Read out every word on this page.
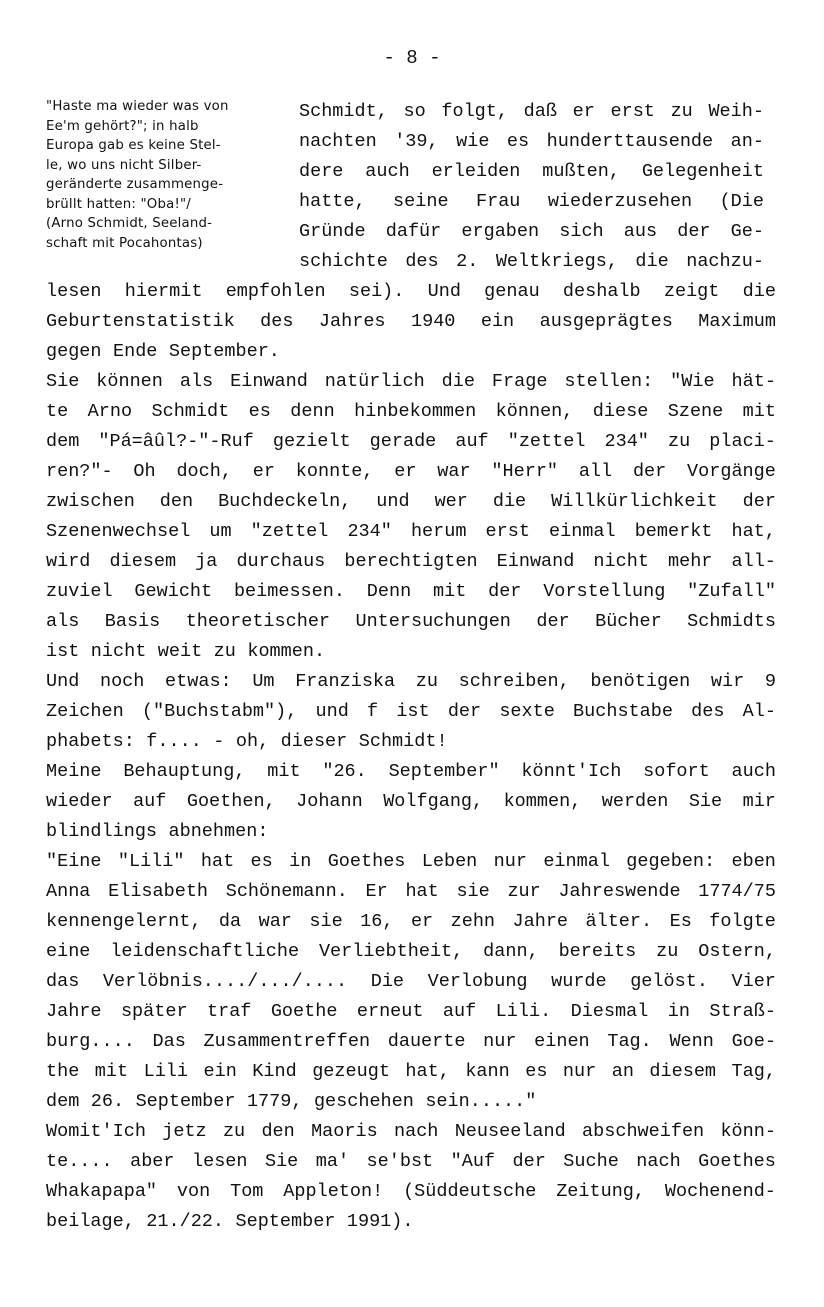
- 8 -
"Haste ma wieder was von
Ee'm gehört?"; in halb
Europa gab es keine Stel-
le, wo uns nicht Silber-
geränderte zusammenge-
brüllt hatten: "Oba!"/
(Arno Schmidt, Seeland-
schaft mit Pocahontas)
Schmidt, so folgt, daß er erst zu Weih-
nachten '39, wie es hunderttausende an-
dere auch erleiden mußten, Gelegenheit
hatte, seine Frau wiederzusehen (Die
Gründe dafür ergaben sich aus der Ge-
schichte des 2. Weltkriegs, die nachzu-
lesen hiermit empfohlen sei). Und genau deshalb zeigt die
Geburtenstatistik des Jahres 1940 ein ausgeprägtes Maximum
gegen Ende September.
Sie können als Einwand natürlich die Frage stellen: "Wie hät-
te Arno Schmidt es denn hinbekommen können, diese Szene mit
dem "Pá=âûl?-"-Ruf gezielt gerade auf "zettel 234" zu placi-
ren?"- Oh doch, er konnte, er war "Herr" all der Vorgänge
zwischen den Buchdeckeln, und wer die Willkürlichkeit der
Szenenwechsel um "zettel 234" herum erst einmal bemerkt hat,
wird diesem ja durchaus berechtigten Einwand nicht mehr all-
zuviel Gewicht beimessen. Denn mit der Vorstellung "Zufall"
als Basis theoretischer Untersuchungen der Bücher Schmidts
ist nicht weit zu kommen.
Und noch etwas: Um Franziska zu schreiben, benötigen wir 9
Zeichen ("Buchstabm"), und f ist der sexte Buchstabe des Al-
phabets: f.... - oh, dieser Schmidt!
Meine Behauptung, mit "26. September" könnt'Ich sofort auch
wieder auf Goethen, Johann Wolfgang, kommen, werden Sie mir
blindlings abnehmen:
"Eine "Lili" hat es in Goethes Leben nur einmal gegeben: eben
Anna Elisabeth Schönemann. Er hat sie zur Jahreswende 1774/75
kennengelernt, da war sie 16, er zehn Jahre älter. Es folgte
eine leidenschaftliche Verliebtheit, dann, bereits zu Ostern,
das Verlöbnis..../.../.... Die Verlobung wurde gelöst. Vier
Jahre später traf Goethe erneut auf Lili. Diesmal in Straß-
burg.... Das Zusammentreffen dauerte nur einen Tag. Wenn Goe-
the mit Lili ein Kind gezeugt hat, kann es nur an diesem Tag,
dem 26. September 1779, geschehen sein....."
Womit'Ich jetz zu den Maoris nach Neuseeland abschweifen könn-
te.... aber lesen Sie ma' se'bst "Auf der Suche nach Goethes
Whakapapa" von Tom Appleton! (Süddeutsche Zeitung, Wochenend-
beilage, 21./22. September 1991).
